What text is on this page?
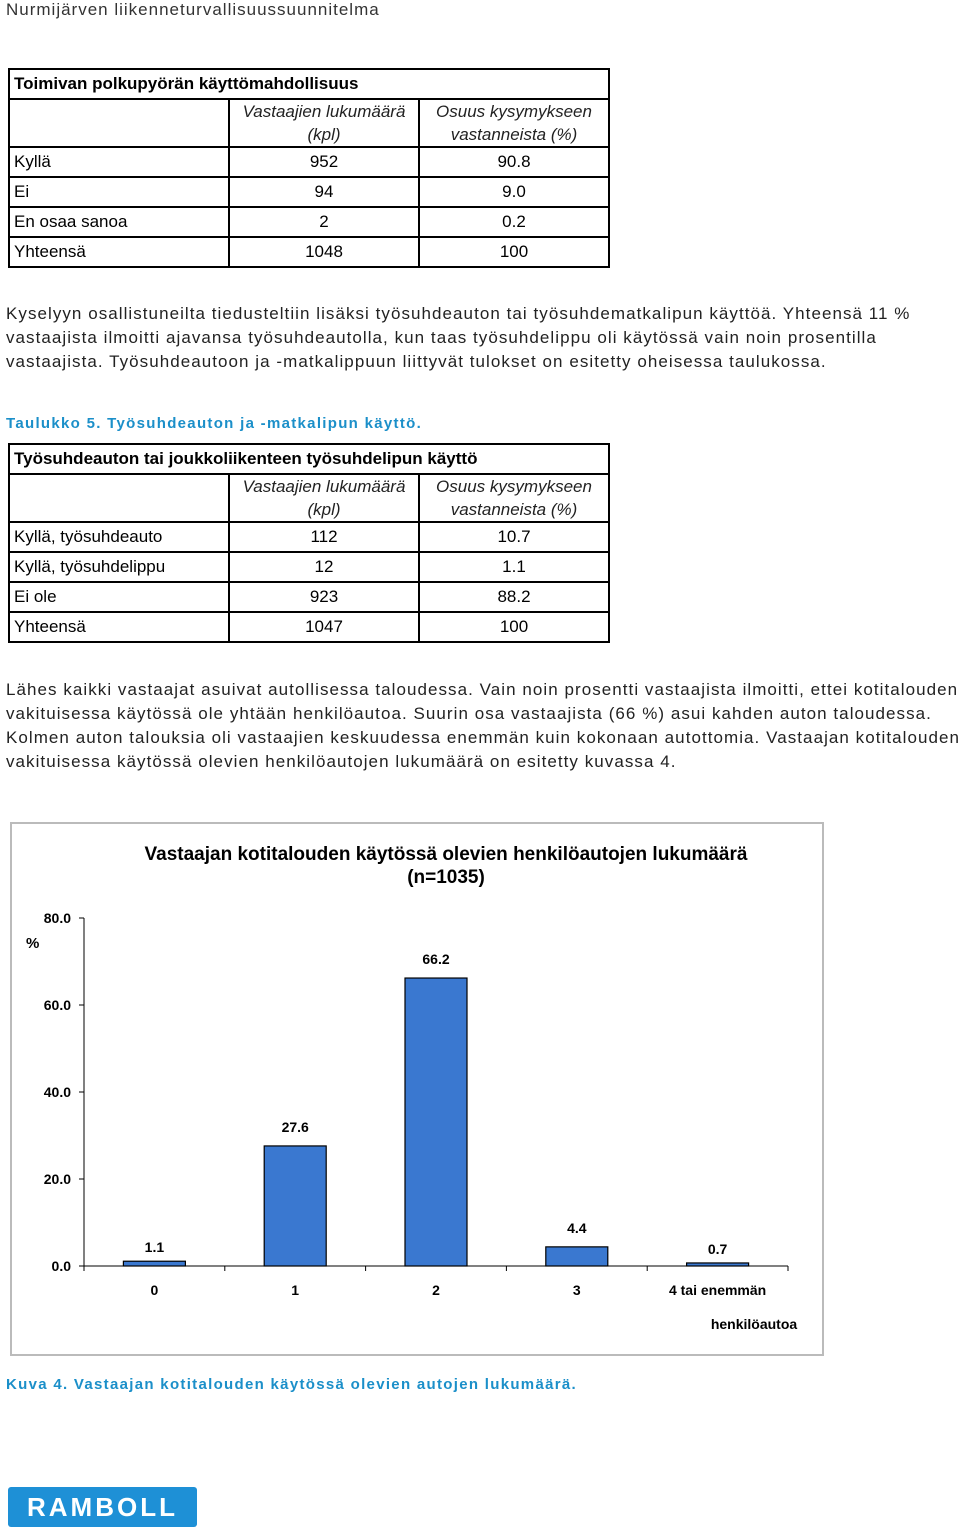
Nurmijärven liikenneturvallisuussuunnitelma
Toimivan polkupyörän käyttömahdollisuus		
	Vastaajien lukumäärä (kpl)	Osuus kysymykseen vastanneista (%)
Kyllä	952	90.8
Ei	94	9.0
En osaa sanoa	2	0.2
Yhteensä	1048	100
Kyselyyn osallistuneilta tiedusteltiin lisäksi työsuhdeauton tai työsuhdematkalipun käyttöä. Yhteensä 11 % vastaajista ilmoitti ajavansa työsuhdeautolla, kun taas työsuhdelippu oli käytössä vain noin prosentilla vastaajista. Työsuhdeautoon ja -matkalippuun liittyvät tulokset on esitetty oheisessa taulukossa.
Taulukko 5. Työsuhdeauton ja -matkalipun käyttö.
Työsuhdeauton tai joukkoliikenteen työsuhdelipun käyttö		
	Vastaajien lukumäärä (kpl)	Osuus kysymykseen vastanneista (%)
Kyllä, työsuhdeauto	112	10.7
Kyllä, työsuhdelippu	12	1.1
Ei ole	923	88.2
Yhteensä	1047	100
Lähes kaikki vastaajat asuivat autollisessa taloudessa. Vain noin prosentti vastaajista ilmoitti, ettei kotitalouden vakituisessa käytössä ole yhtään henkilöautoa. Suurin osa vastaajista (66 %) asui kahden auton taloudessa. Kolmen auton talouksia oli vastaajien keskuudessa enemmän kuin kokonaan autottomia. Vastaajan kotitalouden vakituisessa käytössä olevien henkilöautojen lukumäärä on esitetty kuvassa 4.
Vastaajan kotitalouden käytössä olevien henkilöautojen lukumäärä
(n=1035)
0.0
20.0
40.0
60.0
80.0
%
1.1
0
27.6
1
66.2
2
4.4
3
0.7
4 tai enemmän
henkilöautoa
Kuva 4. Vastaajan kotitalouden käytössä olevien autojen lukumäärä.
RAMBOLL
